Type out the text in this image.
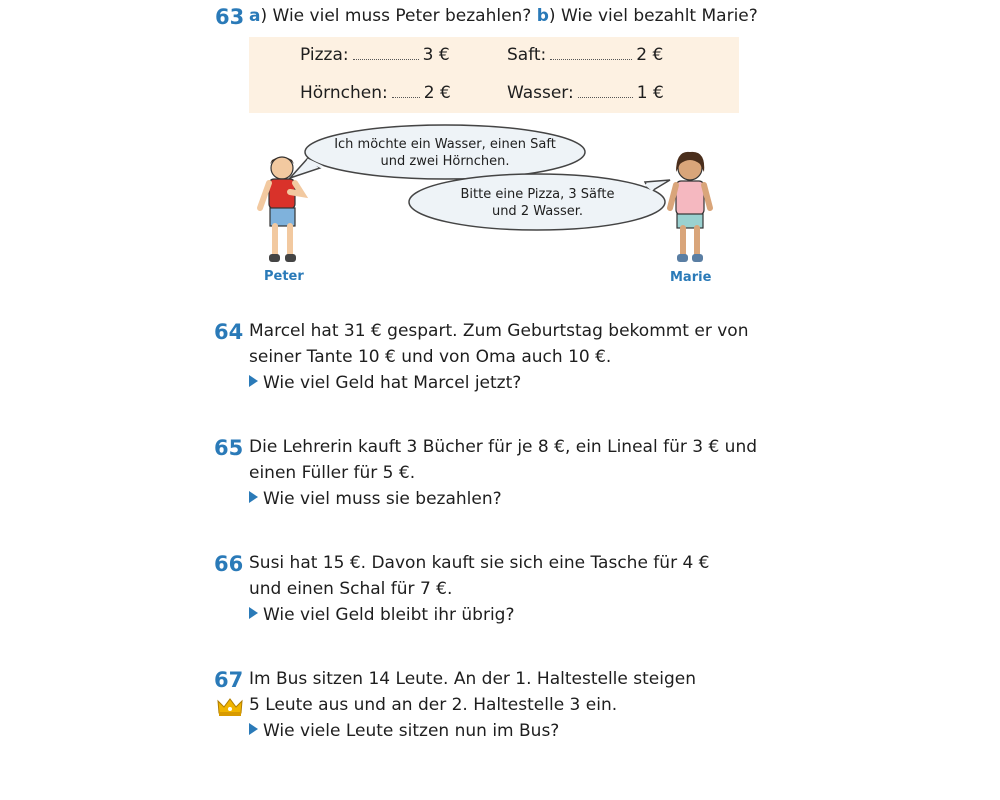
63 a) Wie viel muss Peter bezahlen? b) Wie viel bezahlt Marie?
Pizza:	3 €	Saft:	2 €
Hörnchen: 2 €	Wasser:	1 €
Ich möchte ein Wasser, einen Saft
und zwei Hörnchen.
Bitte eine Pizza, 3 Säfte
und 2 Wasser.
Peter	Marie
64 Marcel hat 31 € gespart. Zum Geburtstag bekommt er von
seiner Tante 10 € und von Oma auch 10 €.
Wie viel Geld hat Marcel jetzt?
65 Die Lehrerin kauft 3 Bücher für je 8 €, ein Lineal für 3 € und
einen Füller für 5 €.
Wie viel muss sie bezahlen?
66 Susi hat 15 €. Davon kauft sie sich eine Tasche für 4 €
und einen Schal für 7 €.
Wie viel Geld bleibt ihr übrig?
67 Im Bus sitzen 14 Leute. An der 1. Haltestelle steigen
5 Leute aus und an der 2. Haltestelle 3 ein.
Wie viele Leute sitzen nun im Bus?
